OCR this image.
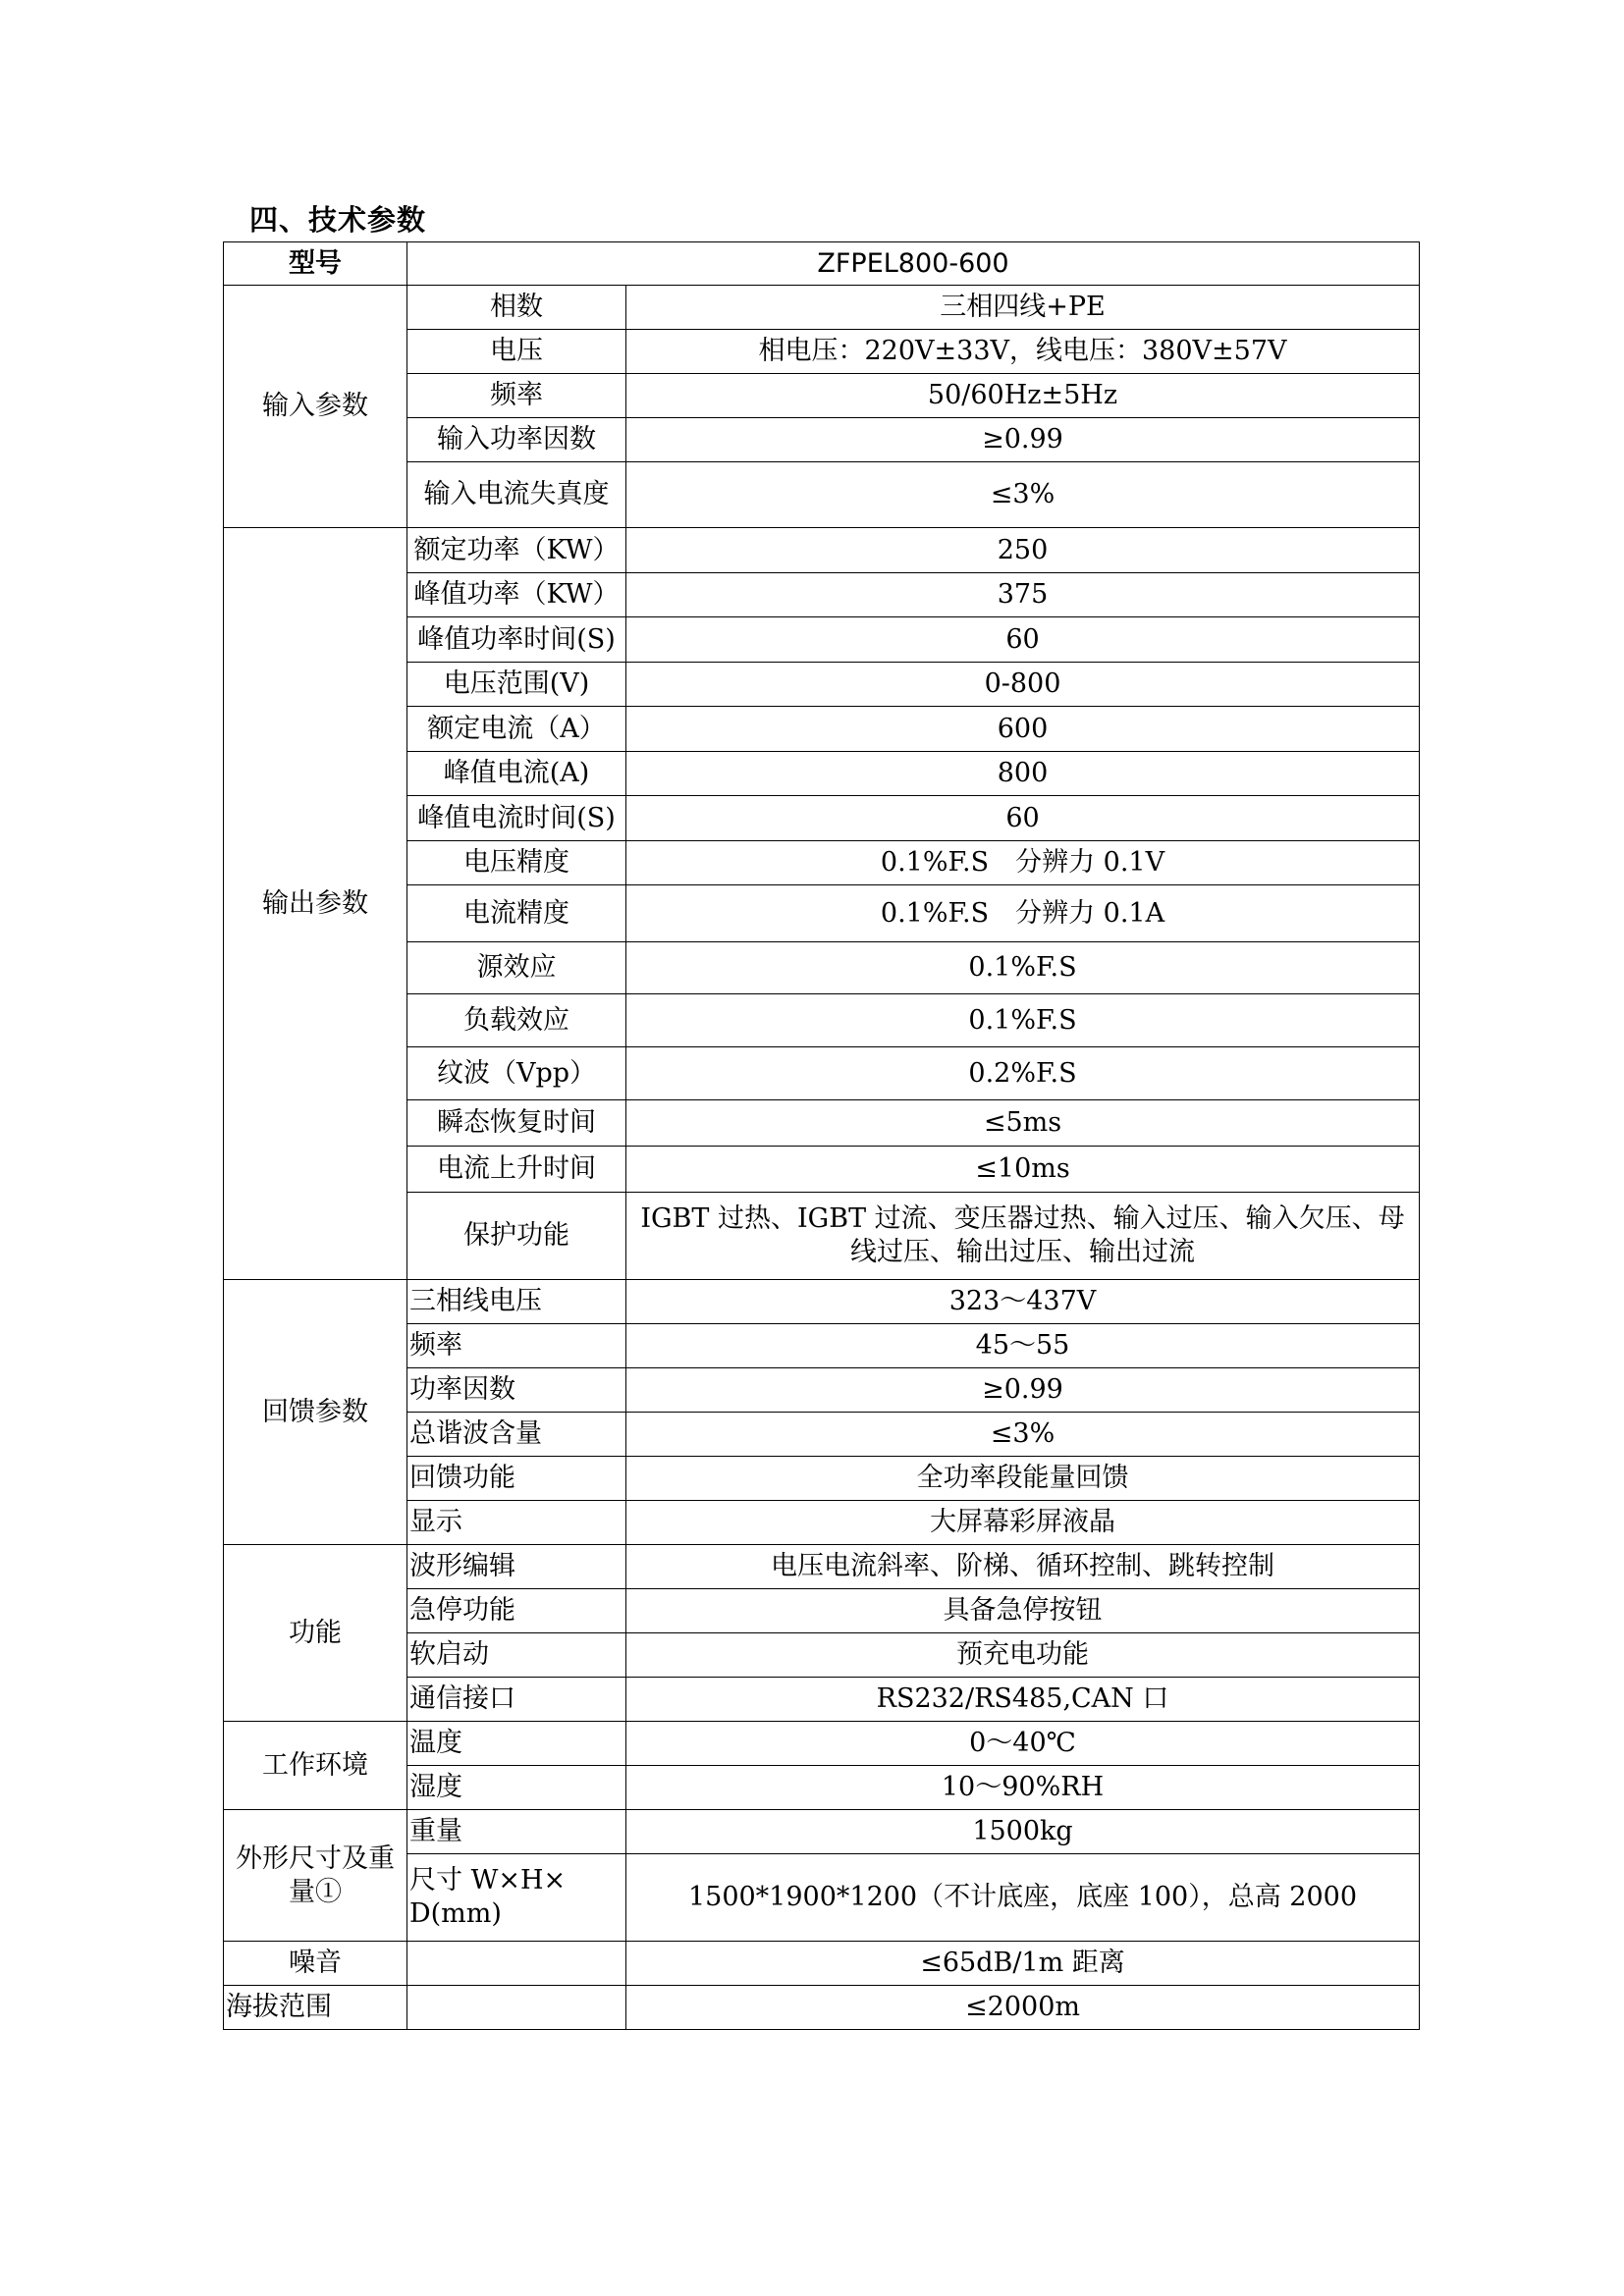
四、技术参数
型号	ZFPEL800-600	
输入参数	相数	三相四线+PE
	电压	相电压：220V±33V，线电压：380V±57V
	频率	50/60Hz±5Hz
	输入功率因数	≥0.99
	输入电流失真度	≤3%
输出参数	额定功率（KW）	250
	峰值功率（KW）	375
	峰值功率时间(S)	60
	电压范围(V)	0-800
	额定电流（A）	600
	峰值电流(A)	800
	峰值电流时间(S)	60
	电压精度	0.1%F.S　分辨力 0.1V
	电流精度	0.1%F.S　分辨力 0.1A
	源效应	0.1%F.S
	负载效应	0.1%F.S
	纹波（Vpp）	0.2%F.S
	瞬态恢复时间	≤5ms
	电流上升时间	≤10ms
	保护功能	IGBT 过热、IGBT 过流、变压器过热、输入过压、输入欠压、母
线过压、输出过压、输出过流

回馈参数	三相线电压	323～437V
	频率	45～55
	功率因数	≥0.99
	总谐波含量	≤3%
	回馈功能	全功率段能量回馈
	显示	大屏幕彩屏液晶
功能	波形编辑	电压电流斜率、阶梯、循环控制、跳转控制
	急停功能	具备急停按钮
	软启动	预充电功能
	通信接口	RS232/RS485,CAN 口
工作环境	温度	0～40℃
	湿度	10～90%RH

外形尺寸及重
量①	重量	1500kg

	尺寸 W×H×
D(mm)	1500*1900*1200（不计底座，底座 100），总高 2000
噪音		≤65dB/1m 距离
海拔范围		≤2000m
